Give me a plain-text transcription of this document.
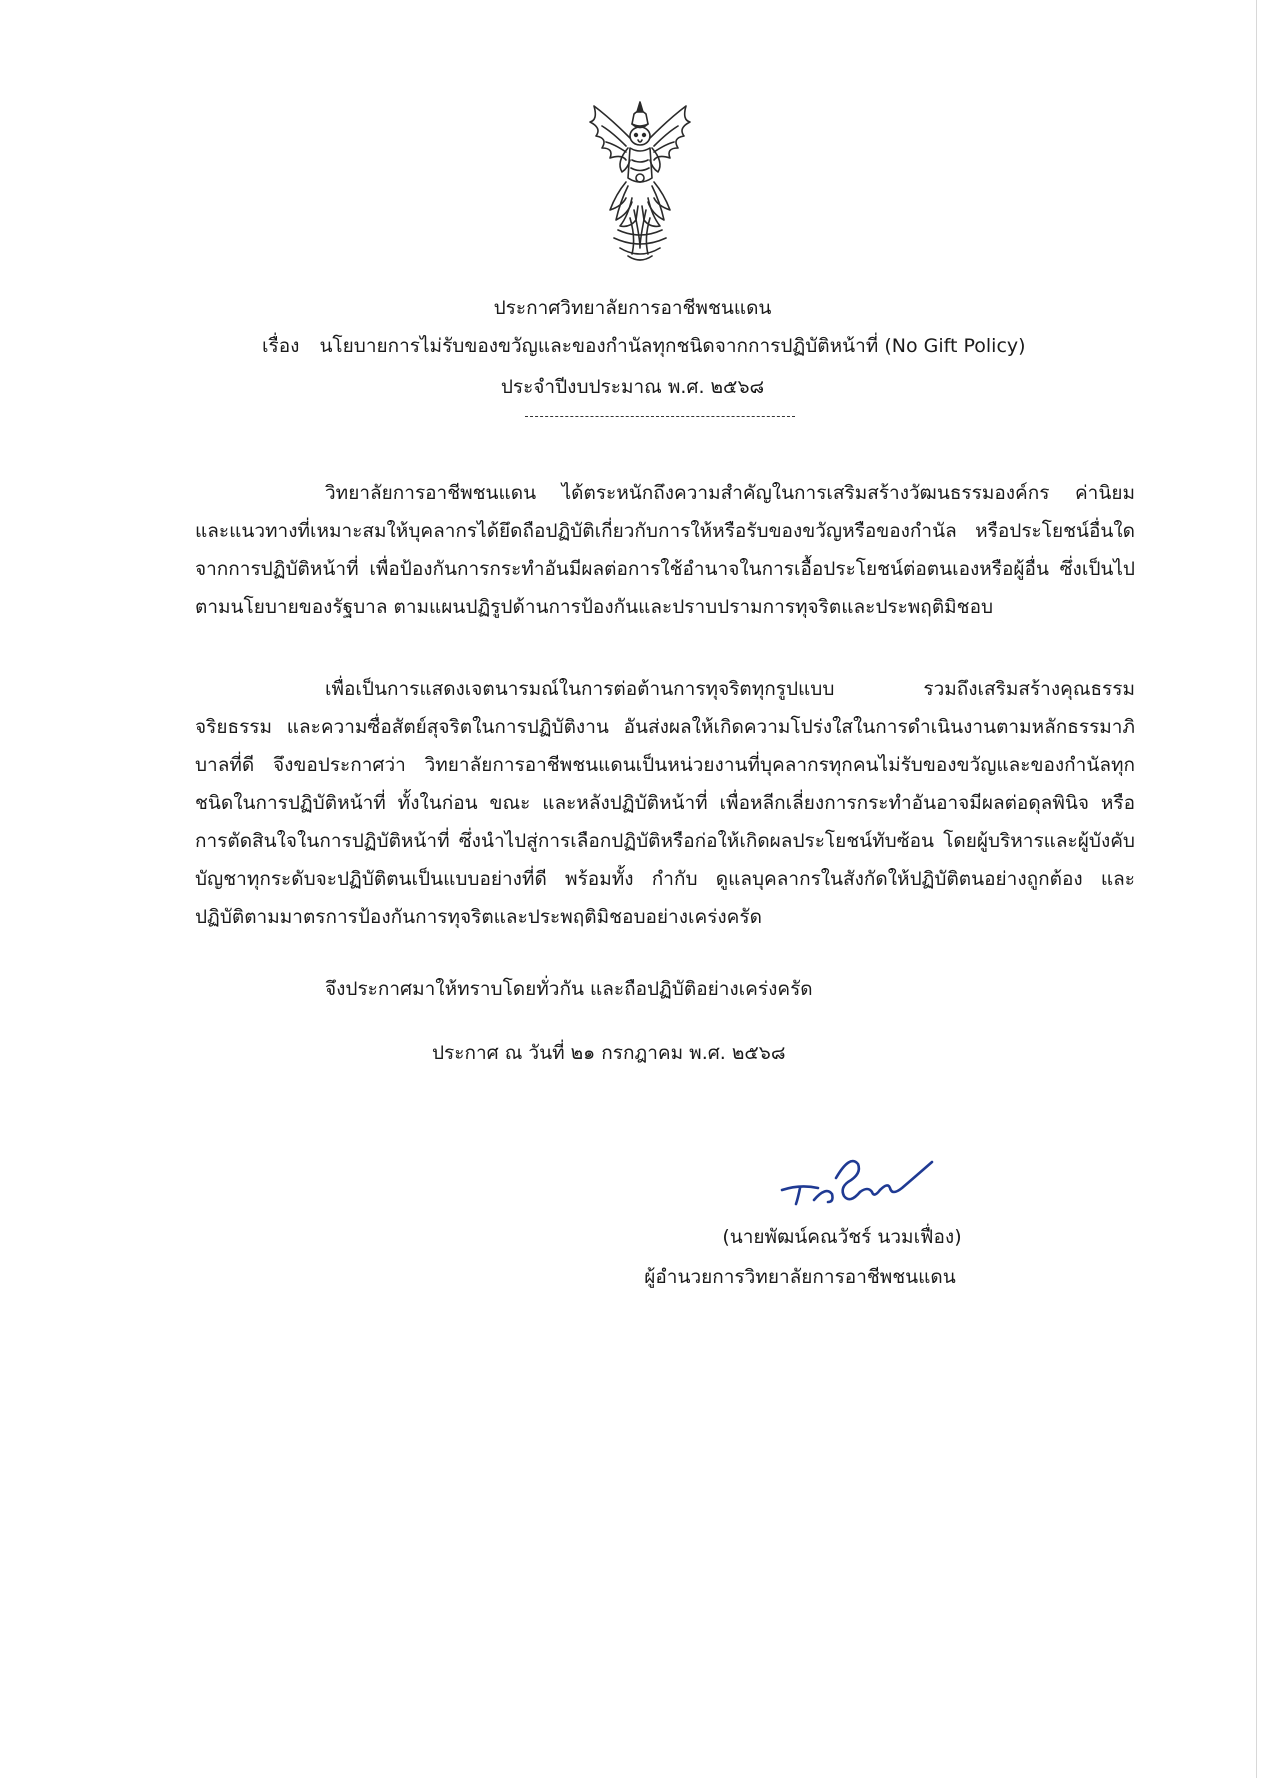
ประกาศวิทยาลัยการอาชีพชนแดน
เรื่อง นโยบายการไม่รับของขวัญและของกำนัลทุกชนิดจากการปฏิบัติหน้าที่ (No Gift Policy)
ประจำปีงบประมาณ พ.ศ. ๒๕๖๘

วิทยาลัยการอาชีพชนแดน ได้ตระหนักถึงความสำคัญในการเสริมสร้างวัฒนธรรมองค์กร ค่านิยม และแนวทางที่เหมาะสมให้บุคลากรได้ยึดถือปฏิบัติเกี่ยวกับการให้หรือรับของขวัญหรือของกำนัล หรือประโยชน์อื่นใดจากการปฏิบัติหน้าที่ เพื่อป้องกันการกระทำอันมีผลต่อการใช้อำนาจในการเอื้อประโยชน์ต่อตนเองหรือผู้อื่น ซึ่งเป็นไปตามนโยบายของรัฐบาล ตามแผนปฏิรูปด้านการป้องกันและปราบปรามการทุจริตและประพฤติมิชอบ

เพื่อเป็นการแสดงเจตนารมณ์ในการต่อต้านการทุจริตทุกรูปแบบ รวมถึงเสริมสร้างคุณธรรม จริยธรรม และความซื่อสัตย์สุจริตในการปฏิบัติงาน อันส่งผลให้เกิดความโปร่งใสในการดำเนินงานตามหลักธรรมาภิบาลที่ดี จึงขอประกาศว่า วิทยาลัยการอาชีพชนแดนเป็นหน่วยงานที่บุคลากรทุกคนไม่รับของขวัญและของกำนัลทุกชนิดในการปฏิบัติหน้าที่ ทั้งในก่อน ขณะ และหลังปฏิบัติหน้าที่ เพื่อหลีกเลี่ยงการกระทำอันอาจมีผลต่อดุลพินิจ หรือการตัดสินใจในการปฏิบัติหน้าที่ ซึ่งนำไปสู่การเลือกปฏิบัติหรือก่อให้เกิดผลประโยชน์ทับซ้อน โดยผู้บริหารและผู้บังคับบัญชาทุกระดับจะปฏิบัติตนเป็นแบบอย่างที่ดี พร้อมทั้ง กำกับ ดูแลบุคลากรในสังกัดให้ปฏิบัติตนอย่างถูกต้อง และปฏิบัติตามมาตรการป้องกันการทุจริตและประพฤติมิชอบอย่างเคร่งครัด

จึงประกาศมาให้ทราบโดยทั่วกัน และถือปฏิบัติอย่างเคร่งครัด
ประกาศ ณ วันที่ ๒๑ กรกฎาคม พ.ศ. ๒๕๖๘
(นายพัฒน์คณวัชร์ นวมเฟื่อง)
ผู้อำนวยการวิทยาลัยการอาชีพชนแดน
